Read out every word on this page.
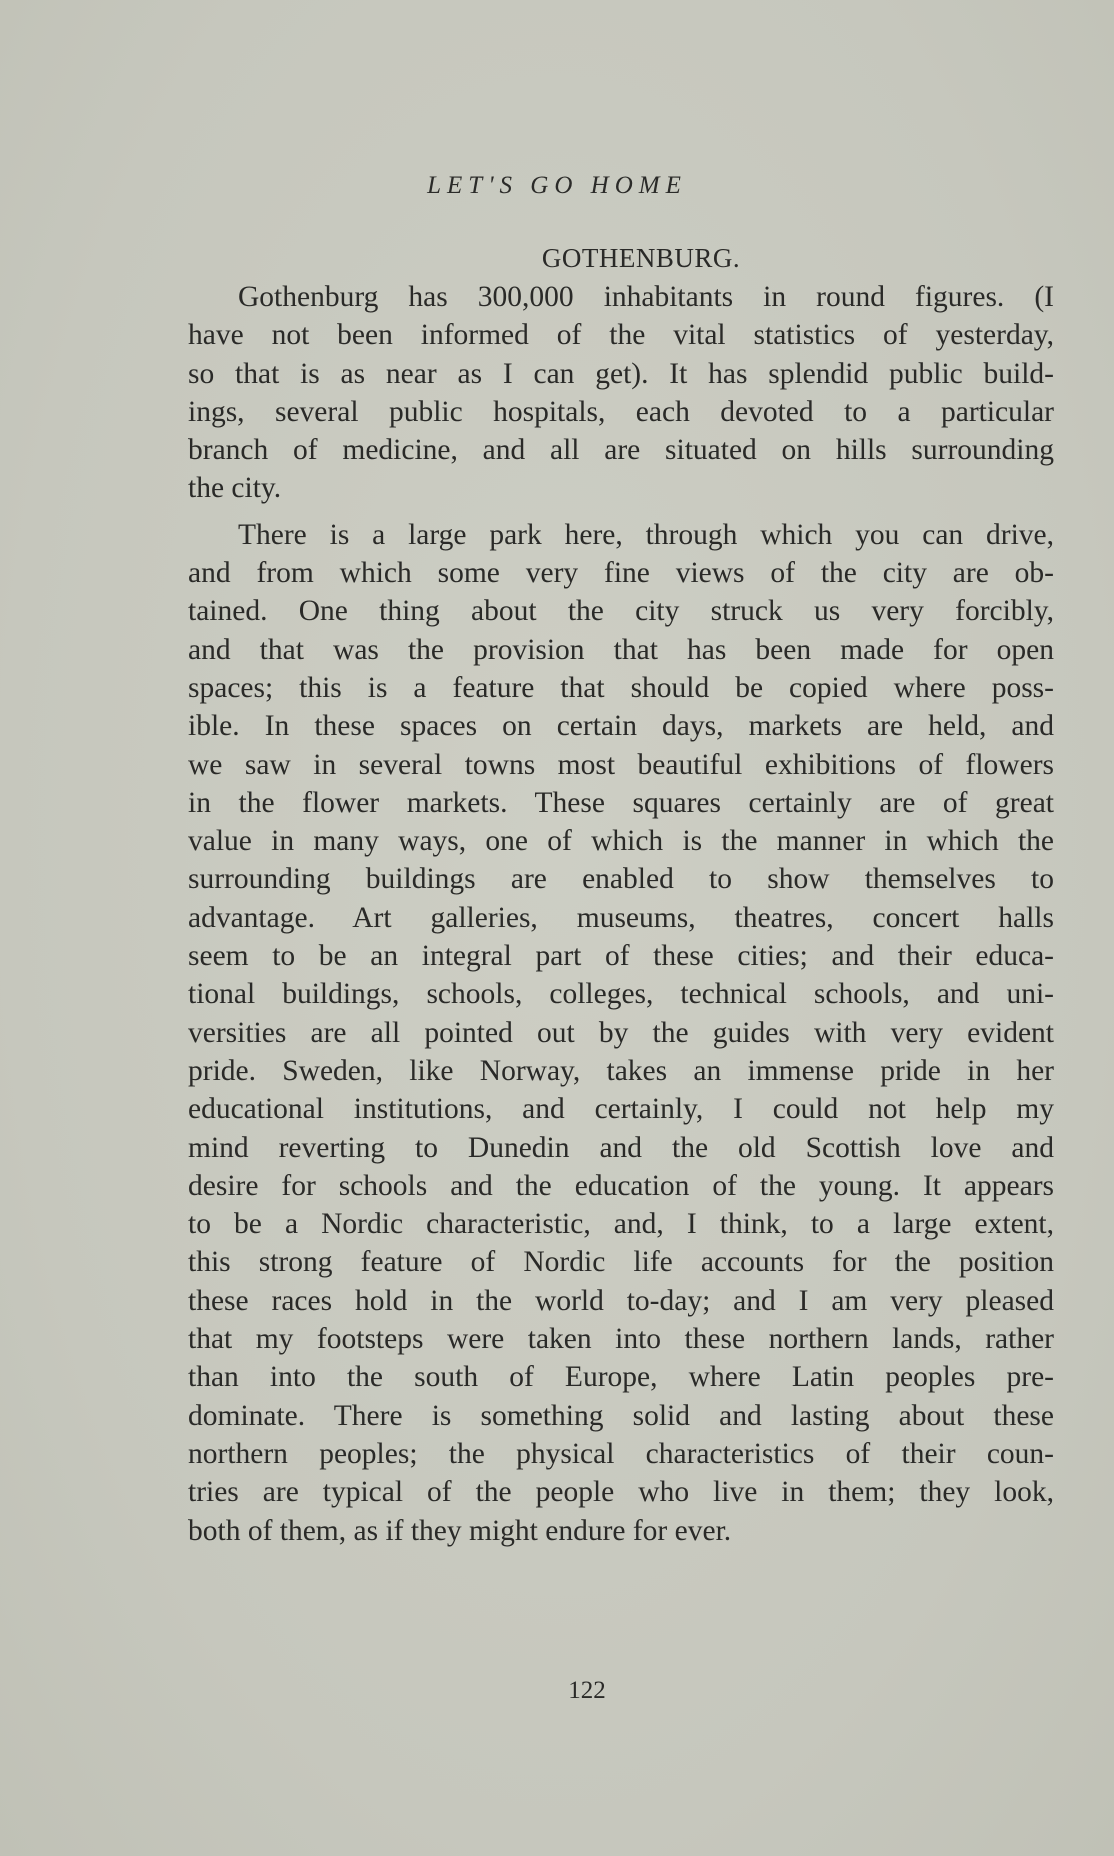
LET'S GO HOME
GOTHENBURG.
Gothenburg has 300,000 inhabitants in round figures. (I
have not been informed of the vital statistics of yesterday,
so that is as near as I can get). It has splendid public build-
ings, several public hospitals, each devoted to a particular
branch of medicine, and all are situated on hills surrounding
the city.
There is a large park here, through which you can drive,
and from which some very fine views of the city are ob-
tained. One thing about the city struck us very forcibly,
and that was the provision that has been made for open
spaces; this is a feature that should be copied where poss-
ible. In these spaces on certain days, markets are held, and
we saw in several towns most beautiful exhibitions of flowers
in the flower markets. These squares certainly are of great
value in many ways, one of which is the manner in which the
surrounding buildings are enabled to show themselves to
advantage. Art galleries, museums, theatres, concert halls
seem to be an integral part of these cities; and their educa-
tional buildings, schools, colleges, technical schools, and uni-
versities are all pointed out by the guides with very evident
pride. Sweden, like Norway, takes an immense pride in her
educational institutions, and certainly, I could not help my
mind reverting to Dunedin and the old Scottish love and
desire for schools and the education of the young. It appears
to be a Nordic characteristic, and, I think, to a large extent,
this strong feature of Nordic life accounts for the position
these races hold in the world to-day; and I am very pleased
that my footsteps were taken into these northern lands, rather
than into the south of Europe, where Latin peoples pre-
dominate. There is something solid and lasting about these
northern peoples; the physical characteristics of their coun-
tries are typical of the people who live in them; they look,
both of them, as if they might endure for ever.
122
